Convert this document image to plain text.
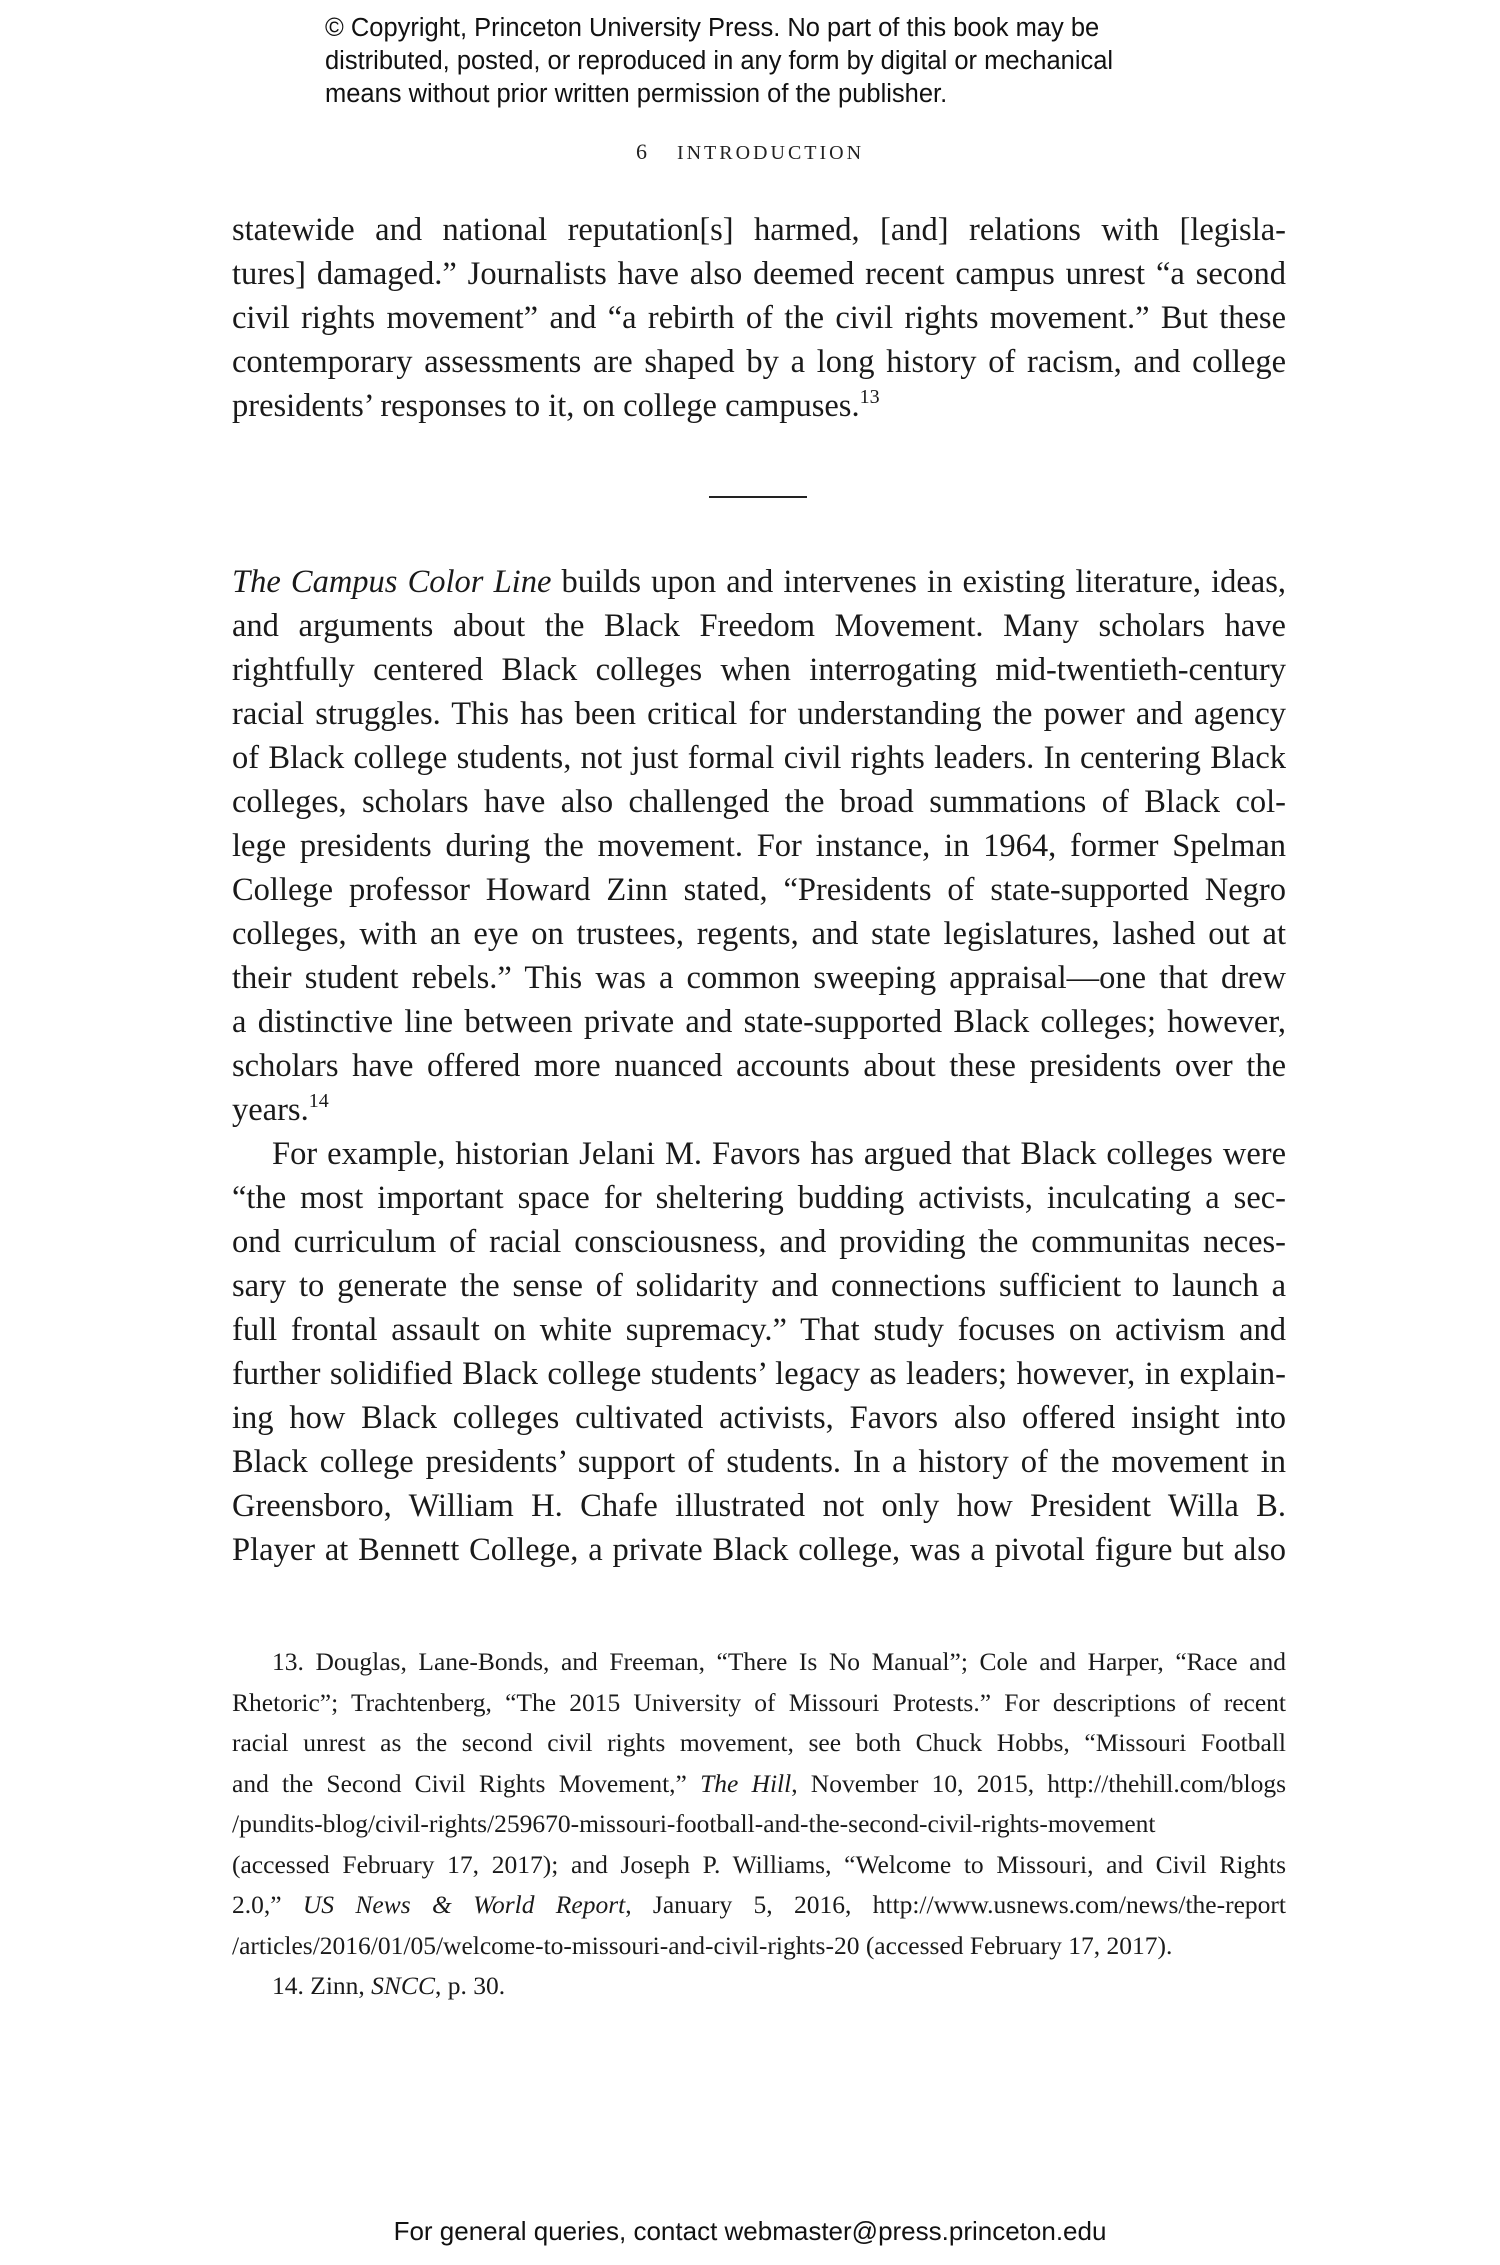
© Copyright, Princeton University Press. No part of this book may be
distributed, posted, or reproduced in any form by digital or mechanical
means without prior written permission of the publisher.
6 INTRODUCTION
statewide and national reputation[s] harmed, [and] relations with [legisla-
tures] damaged.” Journalists have also deemed recent campus unrest “a second
civil rights movement” and “a rebirth of the civil rights movement.” But these
contemporary assessments are shaped by a long history of racism, and college
presidents’ responses to it, on college campuses.$^{13}$
The Campus Color Line builds upon and intervenes in existing literature, ideas,
and arguments about the Black Freedom Movement. Many scholars have
rightfully centered Black colleges when interrogating mid-twentieth-century
racial struggles. This has been critical for understanding the power and agency
of Black college students, not just formal civil rights leaders. In centering Black
colleges, scholars have also challenged the broad summations of Black col-
lege presidents during the movement. For instance, in 1964, former Spelman
College professor Howard Zinn stated, “Presidents of state-supported Negro
colleges, with an eye on trustees, regents, and state legislatures, lashed out at
their student rebels.” This was a common sweeping appraisal—one that drew
a distinctive line between private and state-supported Black colleges; however,
scholars have offered more nuanced accounts about these presidents over the
years.$^{14}$
For example, historian Jelani M. Favors has argued that Black colleges were
“the most important space for sheltering budding activists, inculcating a sec-
ond curriculum of racial consciousness, and providing the communitas neces-
sary to generate the sense of solidarity and connections sufficient to launch a
full frontal assault on white supremacy.” That study focuses on activism and
further solidified Black college students’ legacy as leaders; however, in explain-
ing how Black colleges cultivated activists, Favors also offered insight into
Black college presidents’ support of students. In a history of the movement in
Greensboro, William H. Chafe illustrated not only how President Willa B.
Player at Bennett College, a private Black college, was a pivotal figure but also
13. Douglas, Lane-Bonds, and Freeman, “There Is No Manual”; Cole and Harper, “Race and
Rhetoric”; Trachtenberg, “The 2015 University of Missouri Protests.” For descriptions of recent
racial unrest as the second civil rights movement, see both Chuck Hobbs, “Missouri Football
and the Second Civil Rights Movement,” The Hill, November 10, 2015, http://thehill.com/blogs
/pundits-blog/civil-rights/259670-missouri-football-and-the-second-civil-rights-movement
(accessed February 17, 2017); and Joseph P. Williams, “Welcome to Missouri, and Civil Rights
2.0,” US News & World Report, January 5, 2016, http://www.usnews.com/news/the-report
/articles/2016/01/05/welcome-to-missouri-and-civil-rights-20 (accessed February 17, 2017).
14. Zinn, SNCC, p. 30.
For general queries, contact webmaster@press.princeton.edu
